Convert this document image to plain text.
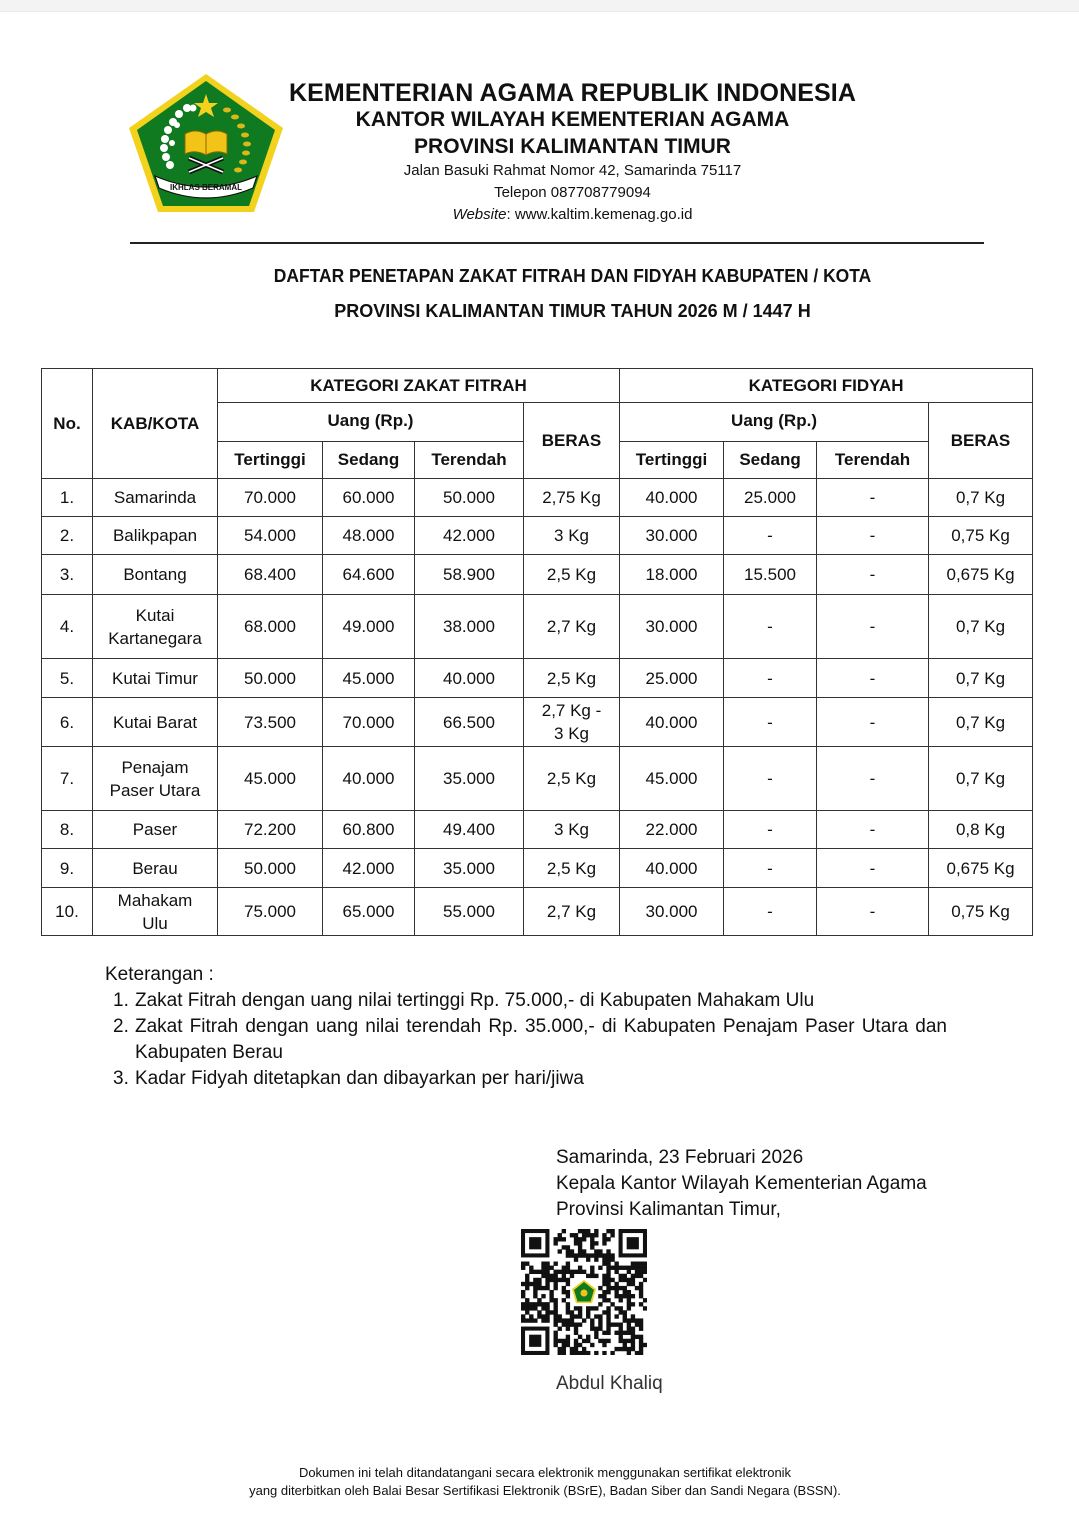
IKHLAS BERAMAL
KEMENTERIAN AGAMA REPUBLIK INDONESIA
KANTOR WILAYAH KEMENTERIAN AGAMA
PROVINSI KALIMANTAN TIMUR
Jalan Basuki Rahmat Nomor 42, Samarinda 75117
Telepon 087708779094
Website: www.kaltim.kemenag.go.id
DAFTAR PENETAPAN ZAKAT FITRAH DAN FIDYAH KABUPATEN / KOTA
PROVINSI KALIMANTAN TIMUR TAHUN 2026 M / 1447 H
No.	KAB/KOTA	KATEGORI ZAKAT FITRAH				KATEGORI FIDYAH			
		Uang (Rp.)			BERAS	Uang (Rp.)			BERAS
		Tertinggi	Sedang	Terendah		Tertinggi	Sedang	Terendah	
1.	Samarinda	70.000	60.000	50.000	2,75 Kg	40.000	25.000	-	0,7 Kg
2.	Balikpapan	54.000	48.000	42.000	3 Kg	30.000	-	-	0,75 Kg
3.	Bontang	68.400	64.600	58.900	2,5 Kg	18.000	15.500	-	0,675 Kg
4.	Kutai Kartanegara	68.000	49.000	38.000	2,7 Kg	30.000	-	-	0,7 Kg
5.	Kutai Timur	50.000	45.000	40.000	2,5 Kg	25.000	-	-	0,7 Kg
6.	Kutai Barat	73.500	70.000	66.500	2,7 Kg - 3 Kg	40.000	-	-	0,7 Kg
7.	Penajam Paser Utara	45.000	40.000	35.000	2,5 Kg	45.000	-	-	0,7 Kg
8.	Paser	72.200	60.800	49.400	3 Kg	22.000	-	-	0,8 Kg
9.	Berau	50.000	42.000	35.000	2,5 Kg	40.000	-	-	0,675 Kg
10.	Mahakam Ulu	75.000	65.000	55.000	2,7 Kg	30.000	-	-	0,75 Kg
Keterangan :
1. Zakat Fitrah dengan uang nilai tertinggi Rp. 75.000,- di Kabupaten Mahakam Ulu
2. Zakat Fitrah dengan uang nilai terendah Rp. 35.000,- di Kabupaten Penajam Paser Utara dan Kabupaten Berau
3. Kadar Fidyah ditetapkan dan dibayarkan per hari/jiwa
Samarinda, 23 Februari 2026
Kepala Kantor Wilayah Kementerian Agama
Provinsi Kalimantan Timur,
Abdul Khaliq
Dokumen ini telah ditandatangani secara elektronik menggunakan sertifikat elektronik
yang diterbitkan oleh Balai Besar Sertifikasi Elektronik (BSrE), Badan Siber dan Sandi Negara (BSSN).
